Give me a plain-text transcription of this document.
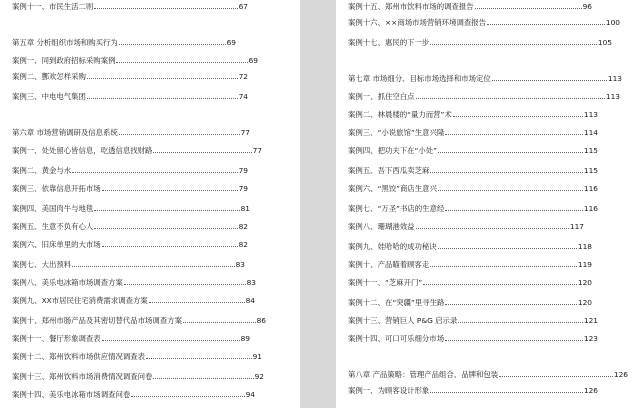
案例十一、市民生活二则	67
第五章 分析组织市场和购买行为	69
案例一、同到政府招标采购案例	69
案例二、酆欢怎样采购	72
案例三、中电电气集团	74
第六章 市场营销调研及信息系统	77
案例一、处处留心皆信息，吃透信息找财路	77
案例二、黄金与水	79
案例三、依靠信息开拓市场	79
案例四、美国肉牛与地毯	81
案例五、生意不负有心人	82
案例六、旧床单里的大市场	82
案例七、大出预料	83
案例八、美乐电冰箱市场调查方案	83
案例九、XX市居民住宅消费需求调查方案	84
案例十、郑州市肠产品及其密切替代品市场调查方案	86
案例十一、餐厅形象调查表	89
案例十二、郑州饮料市场供应情况调查表	91
案例十三、郑州饮料市场消费情况调查问卷	92
案例十四、美乐电冰箱市场调查问卷	94
案例十五、郑州市饮料市场的调查报告	96
案例十六、××商场市场营销环境调查报告	100
案例十七、惠民的下一步	105
第七章 市场细分、目标市场选择和市场定位	113
案例一、抓住空白点	113
案例二、林晨楼的“量力而营”术	113
案例三、“小说旅馆”生意兴隆	114
案例四、把功夫下在“小处”	115
案例五、吾下西瓜卖芝麻	115
案例六、“黑饺”商店生意兴	116
案例七、“万圣”书店的生意经	116
案例八、珊瑚港效益	117
案例九、娃哈哈的成功秘诀	118
案例十、产品瞄着顾客走	119
案例十一、“芝麻开门”	120
案例十二、在“突疆”里寻生路	120
案例十三、营销巨人 P&G 启示录	121
案例十四、可口可乐细分市场	123
第八章 产品策略：管理产品组合、品牌和包装	126
案例一、为顾客设计形象	126
